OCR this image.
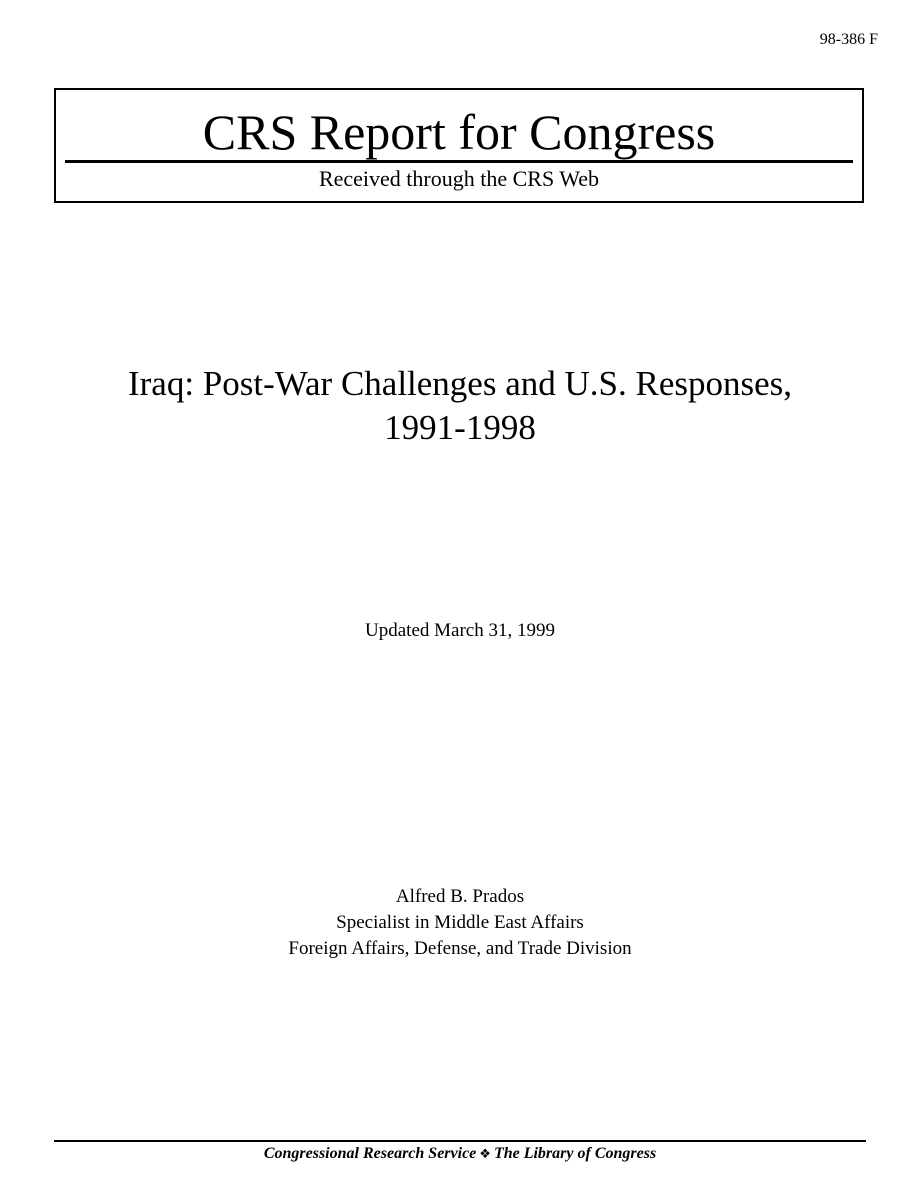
98-386 F
CRS Report for Congress
Received through the CRS Web
Iraq: Post-War Challenges and U.S. Responses,
1991-1998
Updated March 31, 1999
Alfred B. Prados
Specialist in Middle East Affairs
Foreign Affairs, Defense, and Trade Division
Congressional Research Service ❖ The Library of Congress
